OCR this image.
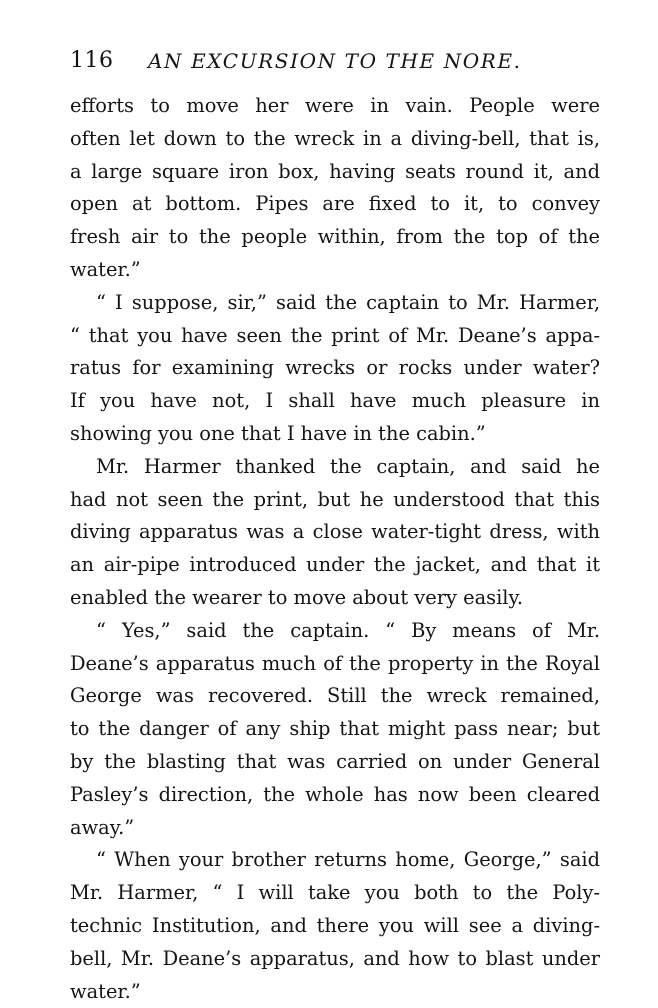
116 AN EXCURSION TO THE NORE.
efforts to move her were in vain. People were
often let down to the wreck in a diving-bell, that is,
a large square iron box, having seats round it, and
open at bottom. Pipes are fixed to it, to convey
fresh air to the people within, from the top of the
water.”
“ I suppose, sir,” said the captain to Mr. Harmer,
“ that you have seen the print of Mr. Deane’s appa-
ratus for examining wrecks or rocks under water?
If you have not, I shall have much pleasure in
showing you one that I have in the cabin.”
Mr. Harmer thanked the captain, and said he
had not seen the print, but he understood that this
diving apparatus was a close water-tight dress, with
an air-pipe introduced under the jacket, and that it
enabled the wearer to move about very easily.
“ Yes,” said the captain. “ By means of Mr.
Deane’s apparatus much of the property in the Royal
George was recovered. Still the wreck remained,
to the danger of any ship that might pass near; but
by the blasting that was carried on under General
Pasley’s direction, the whole has now been cleared
away.”
“ When your brother returns home, George,” said
Mr. Harmer, “ I will take you both to the Poly-
technic Institution, and there you will see a diving-
bell, Mr. Deane’s apparatus, and how to blast under
water.”
